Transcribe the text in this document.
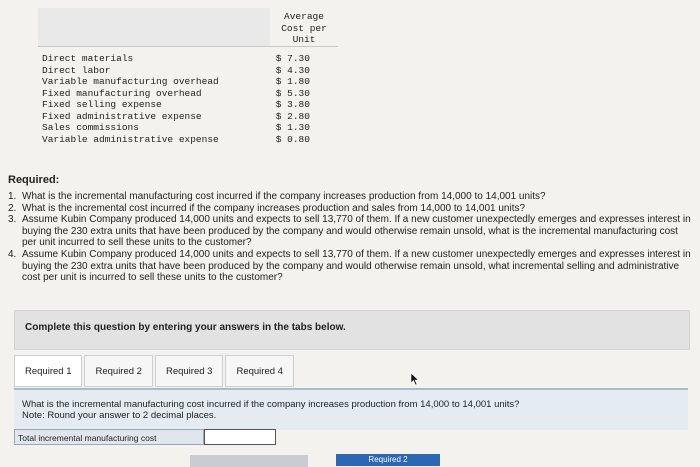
Average
Cost per
Unit
Direct materials	$ 7.30
Direct labor	$ 4.30
Variable manufacturing overhead	$ 1.80
Fixed manufacturing overhead	$ 5.30
Fixed selling expense	$ 3.80
Fixed administrative expense	$ 2.80
Sales commissions	$ 1.30
Variable administrative expense	$ 0.80
Required:
1. What is the incremental manufacturing cost incurred if the company increases production from 14,000 to 14,001 units?
2. What is the incremental cost incurred if the company increases production and sales from 14,000 to 14,001 units?
3. Assume Kubin Company produced 14,000 units and expects to sell 13,770 of them. If a new customer unexpectedly emerges and expresses interest in buying the 230 extra units that have been produced by the company and would otherwise remain unsold, what is the incremental manufacturing cost per unit incurred to sell these units to the customer?
4. Assume Kubin Company produced 14,000 units and expects to sell 13,770 of them. If a new customer unexpectedly emerges and expresses interest in buying the 230 extra units that have been produced by the company and would otherwise remain unsold, what incremental selling and administrative cost per unit is incurred to sell these units to the customer?
Complete this question by entering your answers in the tabs below.
Required 1	Required 2	Required 3	Required 4
What is the incremental manufacturing cost incurred if the company increases production from 14,000 to 14,001 units?
Note: Round your answer to 2 decimal places.
Total incremental manufacturing cost
Required 2
